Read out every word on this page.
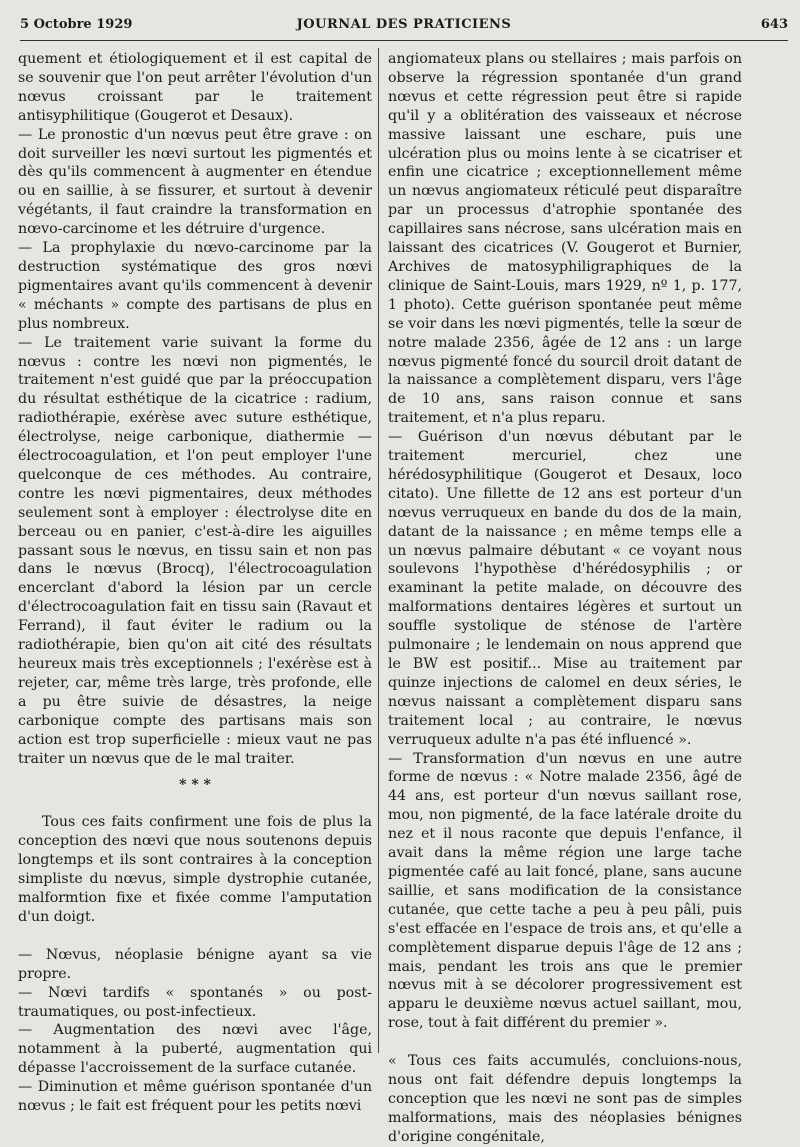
5 Octobre 1929	JOURNAL DES PRATICIENS	643

quement et étiologiquement et il est capital de se souvenir que l'on peut arrêter l'évolution d'un nœvus croissant par le traitement antisyphilitique (Gougerot et Desaux).

— Le pronostic d'un nœvus peut être grave : on doit surveiller les nœvi surtout les pigmentés et dès qu'ils commencent à augmenter en étendue ou en saillie, à se fissurer, et surtout à devenir végétants, il faut craindre la transformation en nœvo-carcinome et les détruire d'urgence.

— La prophylaxie du nœvo-carcinome par la destruction systématique des gros nœvi pigmentaires avant qu'ils commencent à devenir « méchants » compte des partisans de plus en plus nombreux.

— Le traitement varie suivant la forme du nœvus : contre les nœvi non pigmentés, le traitement n'est guidé que par la préoccupation du résultat esthétique de la cicatrice : radium, radiothérapie, exérèse avec suture esthétique, électrolyse, neige carbonique, diathermie — électrocoagulation, et l'on peut employer l'une quelconque de ces méthodes. Au contraire, contre les nœvi pigmentaires, deux méthodes seulement sont à employer : électrolyse dite en berceau ou en panier, c'est-à-dire les aiguilles passant sous le nœvus, en tissu sain et non pas dans le nœvus (Brocq), l'électrocoagulation encerclant d'abord la lésion par un cercle d'électrocoagulation fait en tissu sain (Ravaut et Ferrand), il faut éviter le radium ou la radiothérapie, bien qu'on ait cité des résultats heureux mais très exceptionnels ; l'exérèse est à rejeter, car, même très large, très profonde, elle a pu être suivie de désastres, la neige carbonique compte des partisans mais son action est trop superficielle : mieux vaut ne pas traiter un nœvus que de le mal traiter.

* * *

Tous ces faits confirment une fois de plus la conception des nœvi que nous soutenons depuis longtemps et ils sont contraires à la conception simpliste du nœvus, simple dystrophie cutanée, malformtion fixe et fixée comme l'amputation d'un doigt.

— Nœvus, néoplasie bénigne ayant sa vie propre.

— Nœvi tardifs « spontanés » ou post-traumatiques, ou post-infectieux.

— Augmentation des nœvi avec l'âge, notamment à la puberté, augmentation qui dépasse l'accroissement de la surface cutanée.

— Diminution et même guérison spontanée d'un nœvus ; le fait est fréquent pour les petits nœvi

angiomateux plans ou stellaires ; mais parfois on observe la régression spontanée d'un grand nœvus et cette régression peut être si rapide qu'il y a oblitération des vaisseaux et nécrose massive laissant une eschare, puis une ulcération plus ou moins lente à se cicatriser et enfin une cicatrice ; exceptionnellement même un nœvus angiomateux réticulé peut disparaître par un processus d'atrophie spontanée des capillaires sans nécrose, sans ulcération mais en laissant des cicatrices (V. Gougerot et Burnier, Archives de matosyphiligraphiques de la clinique de Saint-Louis, mars 1929, nº 1, p. 177, 1 photo). Cette guérison spontanée peut même se voir dans les nœvi pigmentés, telle la sœur de notre malade 2356, âgée de 12 ans : un large nœvus pigmenté foncé du sourcil droit datant de la naissance a complètement disparu, vers l'âge de 10 ans, sans raison connue et sans traitement, et n'a plus reparu.

— Guérison d'un nœvus débutant par le traitement mercuriel, chez une hérédosyphilitique (Gougerot et Desaux, loco citato). Une fillette de 12 ans est porteur d'un nœvus verruqueux en bande du dos de la main, datant de la naissance ; en même temps elle a un nœvus palmaire débutant « ce voyant nous soulevons l'hypothèse d'hérédosyphilis ; or examinant la petite malade, on découvre des malformations dentaires légères et surtout un souffle systolique de sténose de l'artère pulmonaire ; le lendemain on nous apprend que le BW est positif... Mise au traitement par quinze injections de calomel en deux séries, le nœvus naissant a complètement disparu sans traitement local ; au contraire, le nœvus verruqueux adulte n'a pas été influencé ».

— Transformation d'un nœvus en une autre forme de nœvus : « Notre malade 2356, âgé de 44 ans, est porteur d'un nœvus saillant rose, mou, non pigmenté, de la face latérale droite du nez et il nous raconte que depuis l'enfance, il avait dans la même région une large tache pigmentée café au lait foncé, plane, sans aucune saillie, et sans modification de la consistance cutanée, que cette tache a peu à peu pâli, puis s'est effacée en l'espace de trois ans, et qu'elle a complètement disparue depuis l'âge de 12 ans ; mais, pendant les trois ans que le premier nœvus mit à se décolorer progressivement est apparu le deuxième nœvus actuel saillant, mou, rose, tout à fait différent du premier ».

« Tous ces faits accumulés, concluions-nous, nous ont fait défendre depuis longtemps la conception que les nœvi ne sont pas de simples malformations, mais des néoplasies bénignes d'origine congénitale,
